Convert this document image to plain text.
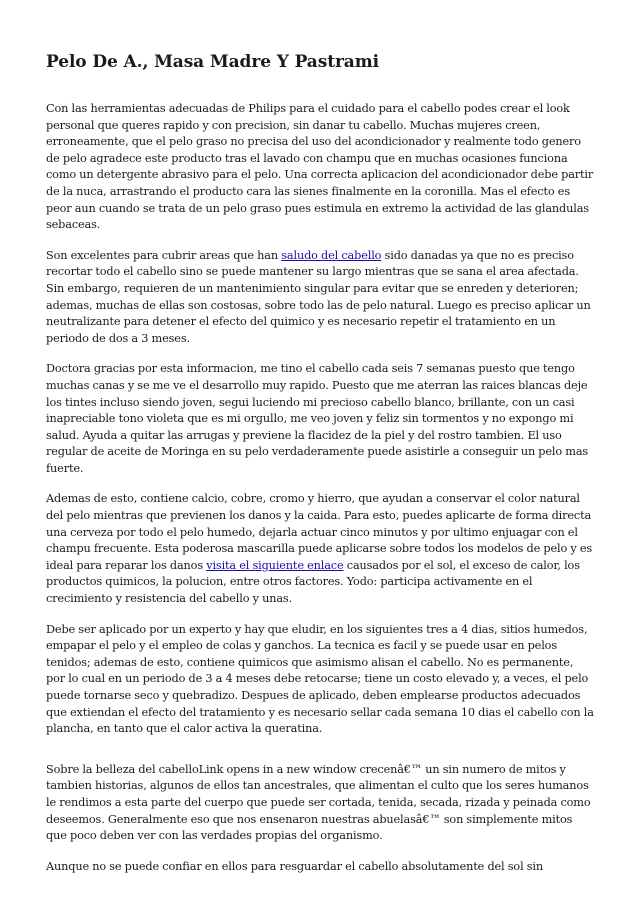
Pelo De A., Masa Madre Y Pastrami

Con las herramientas adecuadas de Philips para el cuidado para el cabello podes crear el look personal que queres rapido y con precision, sin danar tu cabello. Muchas mujeres creen, erroneamente, que el pelo graso no precisa del uso del acondicionador y realmente todo genero de pelo agradece este producto tras el lavado con champu que en muchas ocasiones funciona como un detergente abrasivo para el pelo. Una correcta aplicacion del acondicionador debe partir de la nuca, arrastrando el producto cara las sienes finalmente en la coronilla. Mas el efecto es peor aun cuando se trata de un pelo graso pues estimula en extremo la actividad de las glandulas sebaceas.

Son excelentes para cubrir areas que han saludo del cabello sido danadas ya que no es preciso recortar todo el cabello sino se puede mantener su largo mientras que se sana el area afectada. Sin embargo, requieren de un mantenimiento singular para evitar que se enreden y deterioren; ademas, muchas de ellas son costosas, sobre todo las de pelo natural. Luego es preciso aplicar un neutralizante para detener el efecto del quimico y es necesario repetir el tratamiento en un periodo de dos a 3 meses.

Doctora gracias por esta informacion, me tino el cabello cada seis 7 semanas puesto que tengo muchas canas y se me ve el desarrollo muy rapido. Puesto que me aterran las raices blancas deje los tintes incluso siendo joven, segui luciendo mi precioso cabello blanco, brillante, con un casi inapreciable tono violeta que es mi orgullo, me veo joven y feliz sin tormentos y no expongo mi salud. Ayuda a quitar las arrugas y previene la flacidez de la piel y del rostro tambien. El uso regular de aceite de Moringa en su pelo verdaderamente puede asistirle a conseguir un pelo mas fuerte.

Ademas de esto, contiene calcio, cobre, cromo y hierro, que ayudan a conservar el color natural del pelo mientras que previenen los danos y la caida. Para esto, puedes aplicarte de forma directa una cerveza por todo el pelo humedo, dejarla actuar cinco minutos y por ultimo enjuagar con el champu frecuente. Esta poderosa mascarilla puede aplicarse sobre todos los modelos de pelo y es ideal para reparar los danos visita el siguiente enlace causados por el sol, el exceso de calor, los productos quimicos, la polucion, entre otros factores. Yodo: participa activamente en el crecimiento y resistencia del cabello y unas.

Debe ser aplicado por un experto y hay que eludir, en los siguientes tres a 4 dias, sitios humedos, empapar el pelo y el empleo de colas y ganchos. La tecnica es facil y se puede usar en pelos tenidos; ademas de esto, contiene quimicos que asimismo alisan el cabello. No es permanente, por lo cual en un periodo de 3 a 4 meses debe retocarse; tiene un costo elevado y, a veces, el pelo puede tornarse seco y quebradizo. Despues de aplicado, deben emplearse productos adecuados que extiendan el efecto del tratamiento y es necesario sellar cada semana 10 dias el cabello con la plancha, en tanto que el calor activa la queratina.

Sobre la belleza del cabelloLink opens in a new window crecenâ€™ un sin numero de mitos y tambien historias, algunos de ellos tan ancestrales, que alimentan el culto que los seres humanos le rendimos a esta parte del cuerpo que puede ser cortada, tenida, secada, rizada y peinada como deseemos. Generalmente eso que nos ensenaron nuestras abuelasâ€™ son simplemente mitos que poco deben ver con las verdades propias del organismo.

Aunque no se puede confiar en ellos para resguardar el cabello absolutamente del sol sin
